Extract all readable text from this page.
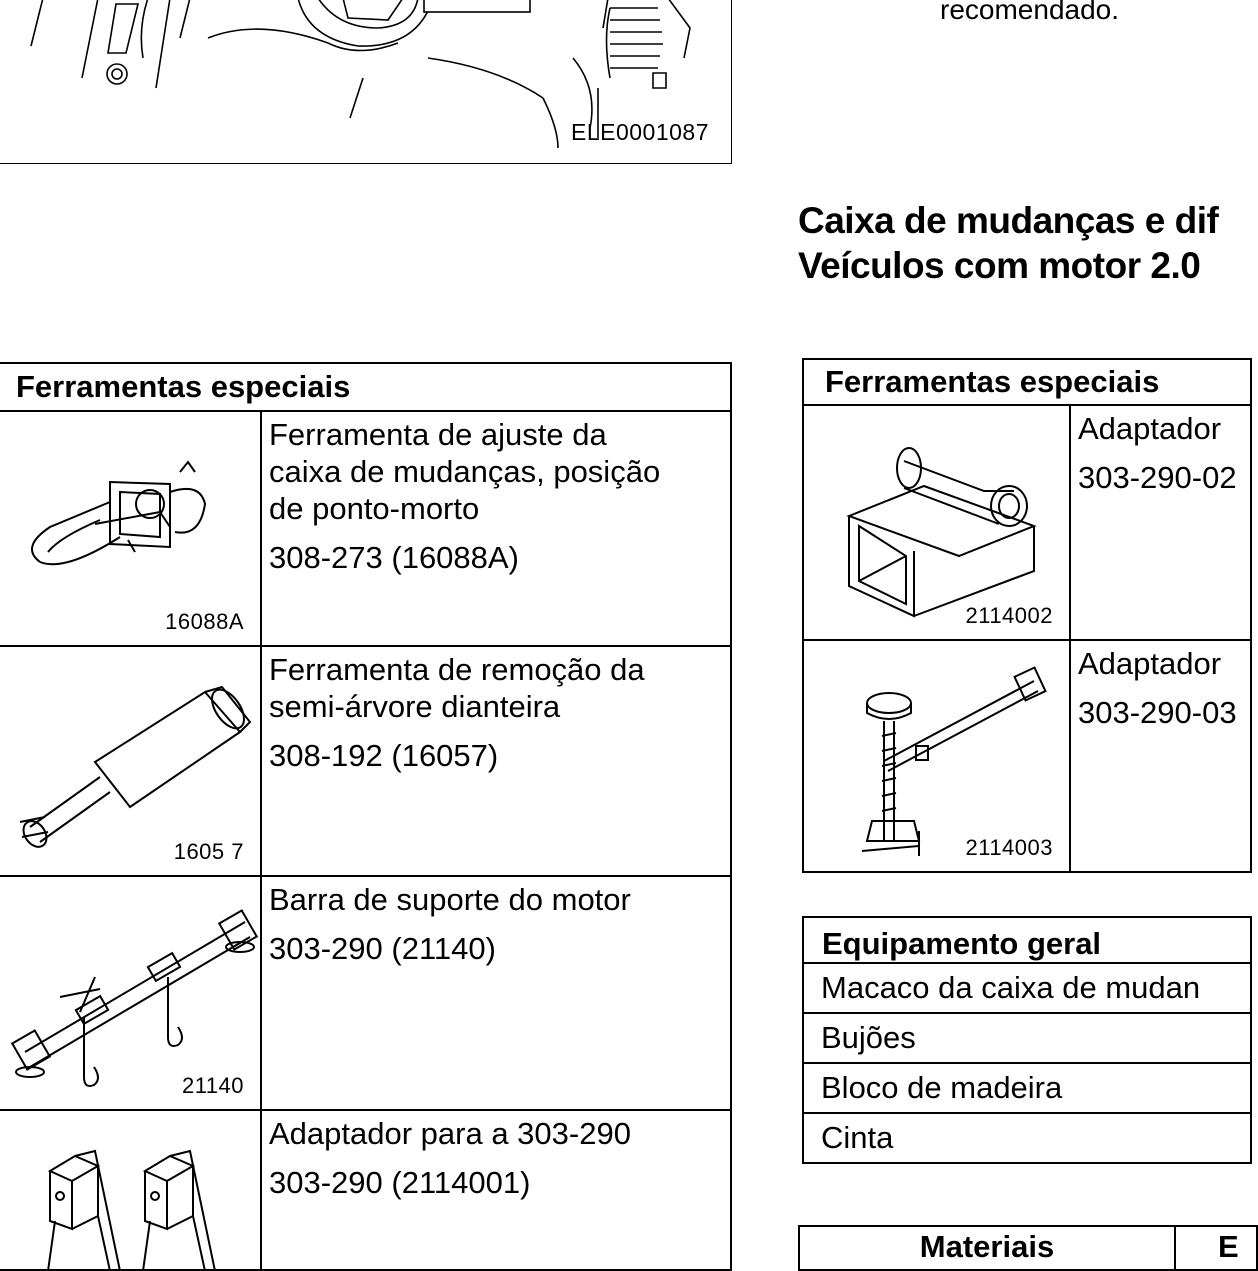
ELE0001087
recomendado.
Caixa de mudanças e dif
Veículos com motor 2.0
Ferramentas especiais	

16088A	Ferramenta de ajuste da
caixa de mudanças, posição
de ponto-morto
308-273 (16088A)

1605 7	Ferramenta de remoção da
semi-árvore dianteira
308-192 (16057)

21140	Barra de suporte do motor
303-290 (21140)

Adaptador para a 303-290
303-290 (2114001)
Ferramentas especiais	

2114002	Adaptador
303-290-02

2114003	Adaptador
303-290-03
Equipamento geral
Macaco da caixa de mudan
Bujões
Bloco de madeira
Cinta
Materiais	E
